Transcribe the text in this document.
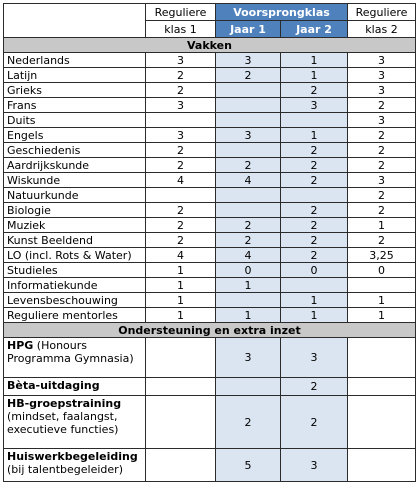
	Reguliere	Voorsprongklas		Reguliere
	klas 1	Jaar 1	Jaar 2	klas 2
Vakken				
Nederlands	3	3	1	3
Latijn	2	2	1	3
Grieks	2		2	3
Frans	3		3	2
Duits				3
Engels	3	3	1	2
Geschiedenis	2		2	2
Aardrijkskunde	2	2	2	2
Wiskunde	4	4	2	3
Natuurkunde				2
Biologie	2		2	2
Muziek	2	2	2	1
Kunst Beeldend	2	2	2	2
LO (incl. Rots & Water)	4	4	2	3,25
Studieles	1	0	0	0
Informatiekunde	1	1		
Levensbeschouwing	1		1	1
Reguliere mentorles	1	1	1	1
Ondersteuning en extra inzet				
HPG (Honours Programma Gymnasia)		3	3	
Bèta-uitdaging			2	
HB-groepstraining (mindset, faalangst, executieve functies)		2	2	
Huiswerkbegeleiding (bij talentbegeleider)		5	3	
